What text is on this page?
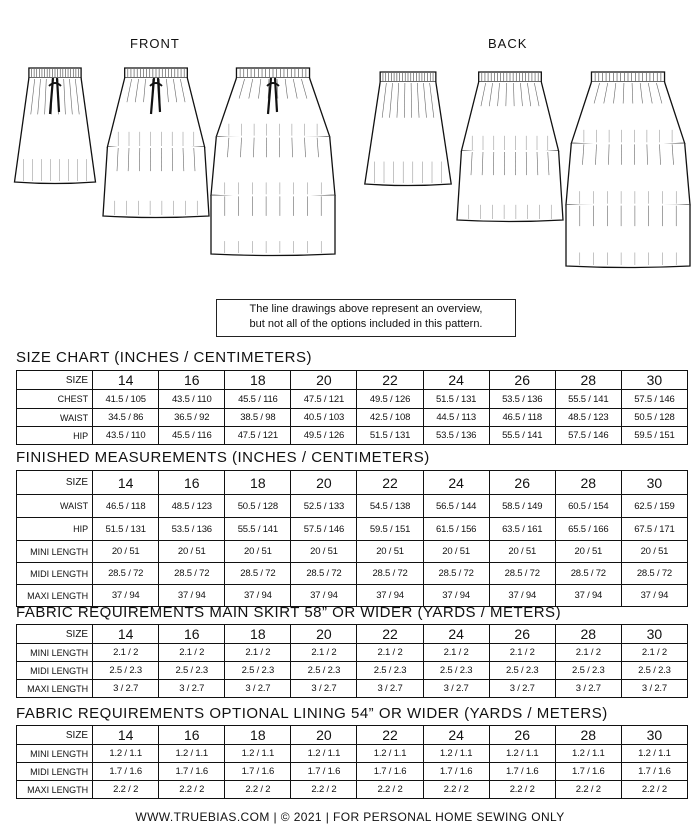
FRONT	BACK
The line drawings above represent an overview,
but not all of the options included in this pattern.
SIZE CHART (INCHES / CENTIMETERS)
FINISHED MEASUREMENTS (INCHES / CENTIMETERS)
FABRIC REQUIREMENTS MAIN SKIRT 58” OR WIDER (YARDS / METERS)
FABRIC REQUIREMENTS OPTIONAL LINING 54” OR WIDER (YARDS / METERS)
SIZE	14	16	18	20	22	24	26	28	30
CHEST	41.5 / 105	43.5 / 110	45.5 / 116	47.5 / 121	49.5 / 126	51.5 / 131	53.5 / 136	55.5 / 141	57.5 / 146
WAIST	34.5 / 86	36.5 / 92	38.5 / 98	40.5 / 103	42.5 / 108	44.5 / 113	46.5 / 118	48.5 / 123	50.5 / 128
HIP	43.5 / 110	45.5 / 116	47.5 / 121	49.5 / 126	51.5 / 131	53.5 / 136	55.5 / 141	57.5 / 146	59.5 / 151
SIZE	14	16	18	20	22	24	26	28	30
WAIST	46.5 / 118	48.5 / 123	50.5 / 128	52.5 / 133	54.5 / 138	56.5 / 144	58.5 / 149	60.5 / 154	62.5 / 159
HIP	51.5 / 131	53.5 / 136	55.5 / 141	57.5 / 146	59.5 / 151	61.5 / 156	63.5 / 161	65.5 / 166	67.5 / 171
MINI LENGTH	20 / 51	20 / 51	20 / 51	20 / 51	20 / 51	20 / 51	20 / 51	20 / 51	20 / 51
MIDI LENGTH	28.5 / 72	28.5 / 72	28.5 / 72	28.5 / 72	28.5 / 72	28.5 / 72	28.5 / 72	28.5 / 72	28.5 / 72
MAXI LENGTH	37 / 94	37 / 94	37 / 94	37 / 94	37 / 94	37 / 94	37 / 94	37 / 94	37 / 94
SIZE	14	16	18	20	22	24	26	28	30
MINI LENGTH	2.1 / 2	2.1 / 2	2.1 / 2	2.1 / 2	2.1 / 2	2.1 / 2	2.1 / 2	2.1 / 2	2.1 / 2
MIDI LENGTH	2.5 / 2.3	2.5 / 2.3	2.5 / 2.3	2.5 / 2.3	2.5 / 2.3	2.5 / 2.3	2.5 / 2.3	2.5 / 2.3	2.5 / 2.3
MAXI LENGTH	3 / 2.7	3 / 2.7	3 / 2.7	3 / 2.7	3 / 2.7	3 / 2.7	3 / 2.7	3 / 2.7	3 / 2.7
SIZE	14	16	18	20	22	24	26	28	30
MINI LENGTH	1.2 / 1.1	1.2 / 1.1	1.2 / 1.1	1.2 / 1.1	1.2 / 1.1	1.2 / 1.1	1.2 / 1.1	1.2 / 1.1	1.2 / 1.1
MIDI LENGTH	1.7 / 1.6	1.7 / 1.6	1.7 / 1.6	1.7 / 1.6	1.7 / 1.6	1.7 / 1.6	1.7 / 1.6	1.7 / 1.6	1.7 / 1.6
MAXI LENGTH	2.2 / 2	2.2 / 2	2.2 / 2	2.2 / 2	2.2 / 2	2.2 / 2	2.2 / 2	2.2 / 2	2.2 / 2
WWW.TRUEBIAS.COM | © 2021 | FOR PERSONAL HOME SEWING ONLY
